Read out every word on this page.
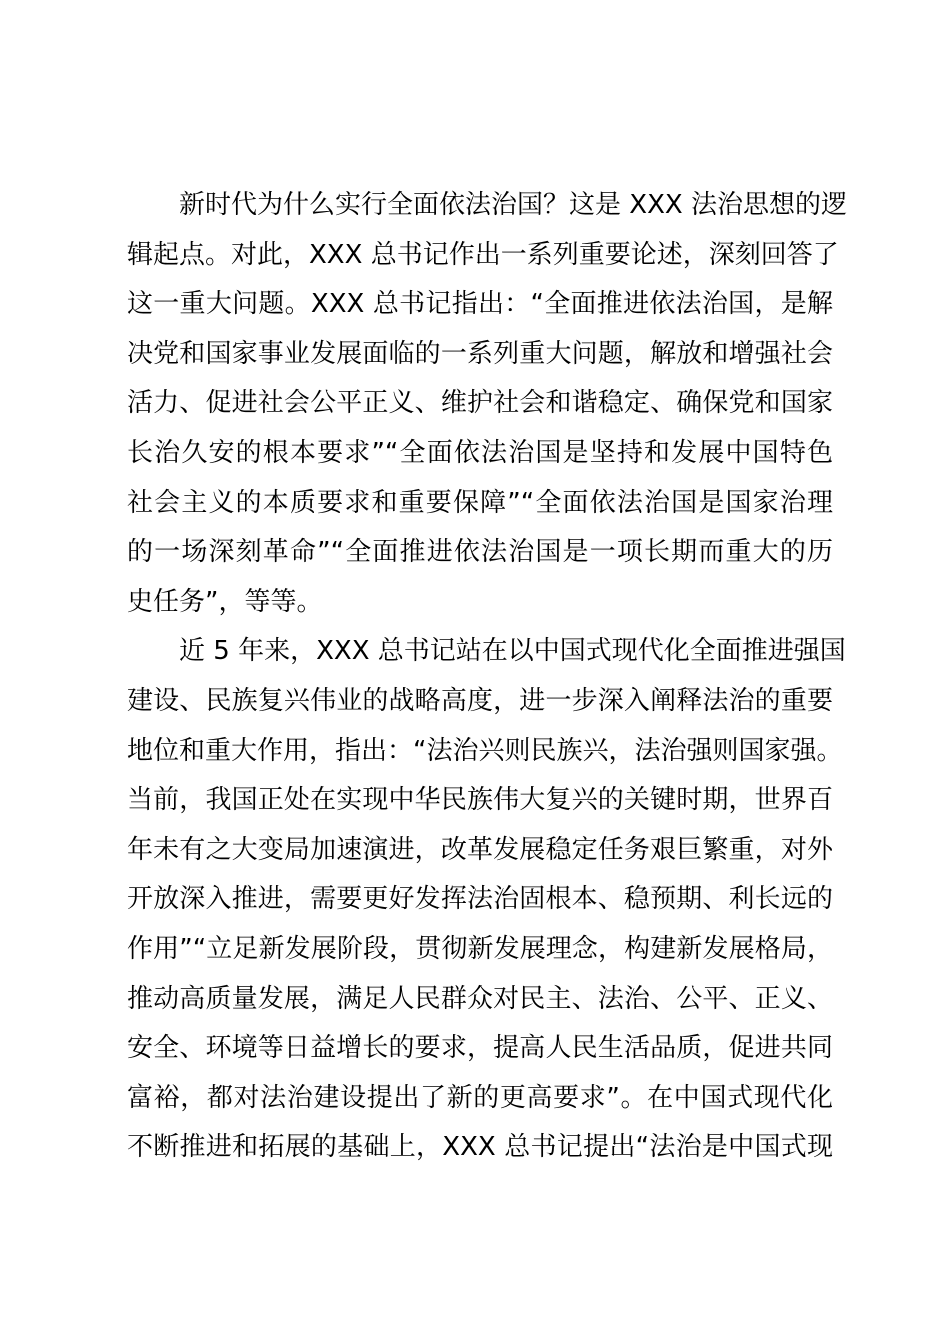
新时代为什么实行全面依法治国？这是 XXX 法治思想的逻
辑起点。对此，XXX 总书记作出一系列重要论述，深刻回答了
这一重大问题。XXX 总书记指出：“全面推进依法治国，是解
决党和国家事业发展面临的一系列重大问题，解放和增强社会
活力、促进社会公平正义、维护社会和谐稳定、确保党和国家
长治久安的根本要求”“全面依法治国是坚持和发展中国特色
社会主义的本质要求和重要保障”“全面依法治国是国家治理
的一场深刻革命”“全面推进依法治国是一项长期而重大的历
史任务”，等等。
近 5 年来，XXX 总书记站在以中国式现代化全面推进强国
建设、民族复兴伟业的战略高度，进一步深入阐释法治的重要
地位和重大作用，指出：“法治兴则民族兴，法治强则国家强。
当前，我国正处在实现中华民族伟大复兴的关键时期，世界百
年未有之大变局加速演进，改革发展稳定任务艰巨繁重，对外
开放深入推进，需要更好发挥法治固根本、稳预期、利长远的
作用”“立足新发展阶段，贯彻新发展理念，构建新发展格局，
推动高质量发展，满足人民群众对民主、法治、公平、正义、
安全、环境等日益增长的要求，提高人民生活品质，促进共同
富裕，都对法治建设提出了新的更高要求”。在中国式现代化
不断推进和拓展的基础上，XXX 总书记提出“法治是中国式现
